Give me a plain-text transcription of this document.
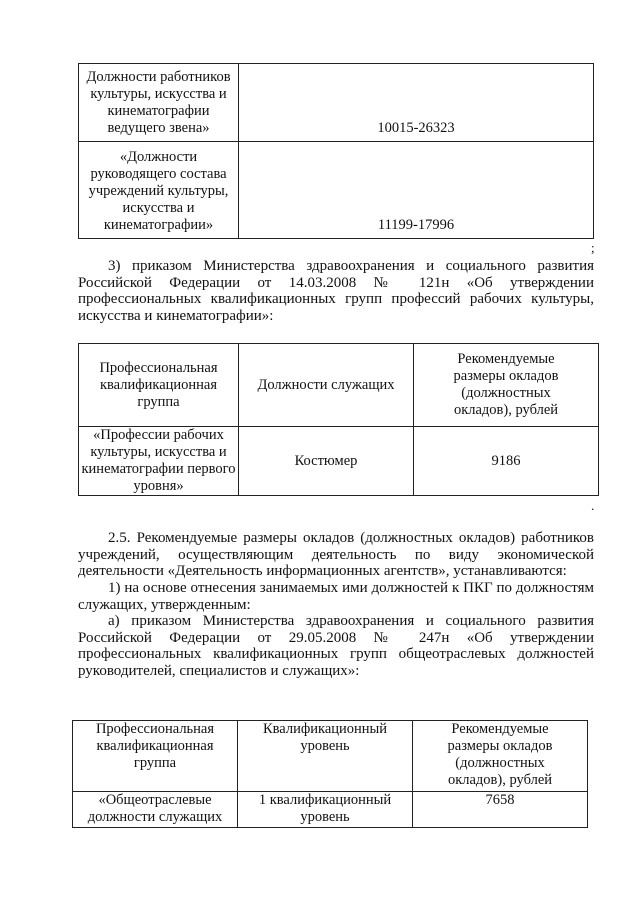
Должности работников культуры, искусства и кинематографии ведущего звена»	10015-26323
«Должности руководящего состава учреждений культуры, искусства и кинематографии»	11199-17996
;

3) приказом Министерства здравоохранения и социального развития Российской Федерации от 14.03.2008 № 121н «Об утверждении профессиональных квалификационных групп профессий рабочих культуры, искусства и кинематографии»:

Профессиональная квалификационная группа	Должности служащих	Рекомендуемые размеры окладов (должностных окладов), рублей
«Профессии рабочих культуры, искусства и кинематографии первого уровня»	Костюмер	9186
.

2.5. Рекомендуемые размеры окладов (должностных окладов) работников учреждений, осуществляющим деятельность по виду экономической деятельности «Деятельность информационных агентств», устанавливаются:

1) на основе отнесения занимаемых ими должностей к ПКГ по должностям служащих, утвержденным:

а) приказом Министерства здравоохранения и социального развития Российской Федерации от 29.05.2008 № 247н «Об утверждении профессиональных квалификационных групп общеотраслевых должностей руководителей, специалистов и служащих»:

Профессиональная квалификационная группа	Квалификационный уровень	Рекомендуемые размеры окладов (должностных окладов), рублей
«Общеотраслевые должности служащих	1 квалификационный уровень	7658
